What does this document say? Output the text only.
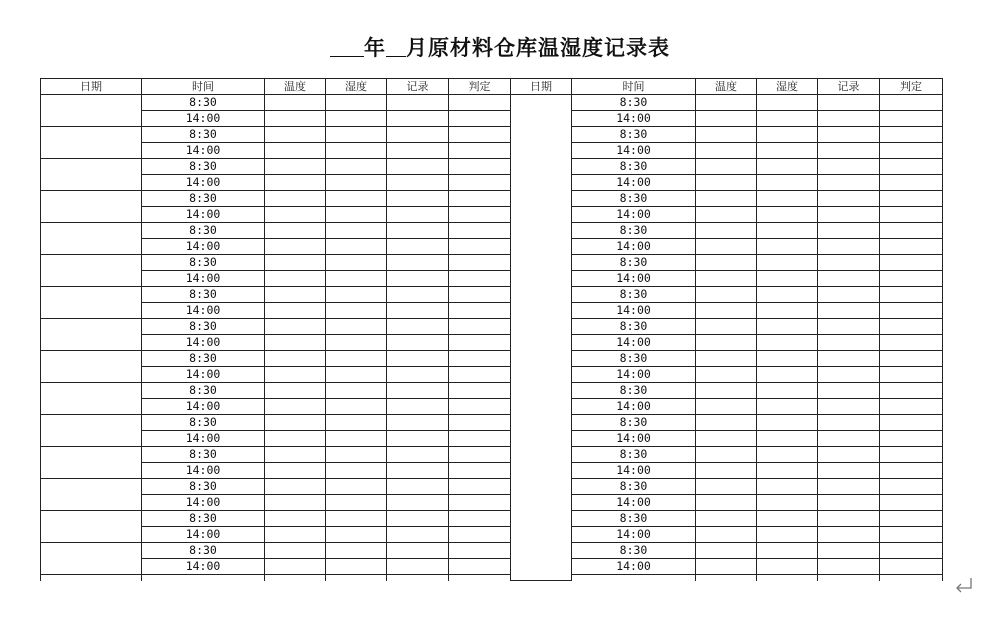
年 月原材料仓库温湿度记录表
日期	时间	温度	湿度	记录	判定	日期	时间	温度	湿度	记录	判定
	8:30						8:30				
	14:00						14:00				
	8:30						8:30				
	14:00						14:00				
	8:30						8:30				
	14:00						14:00				
	8:30						8:30				
	14:00						14:00				
	8:30						8:30				
	14:00						14:00				
	8:30						8:30				
	14:00						14:00				
	8:30						8:30				
	14:00						14:00				
	8:30						8:30				
	14:00						14:00				
	8:30						8:30				
	14:00						14:00				
	8:30						8:30				
	14:00						14:00				
	8:30						8:30				
	14:00						14:00				
	8:30						8:30				
	14:00						14:00				
	8:30						8:30				
	14:00						14:00				
	8:30						8:30				
	14:00						14:00				
	8:30						8:30				
	14:00						14:00				
